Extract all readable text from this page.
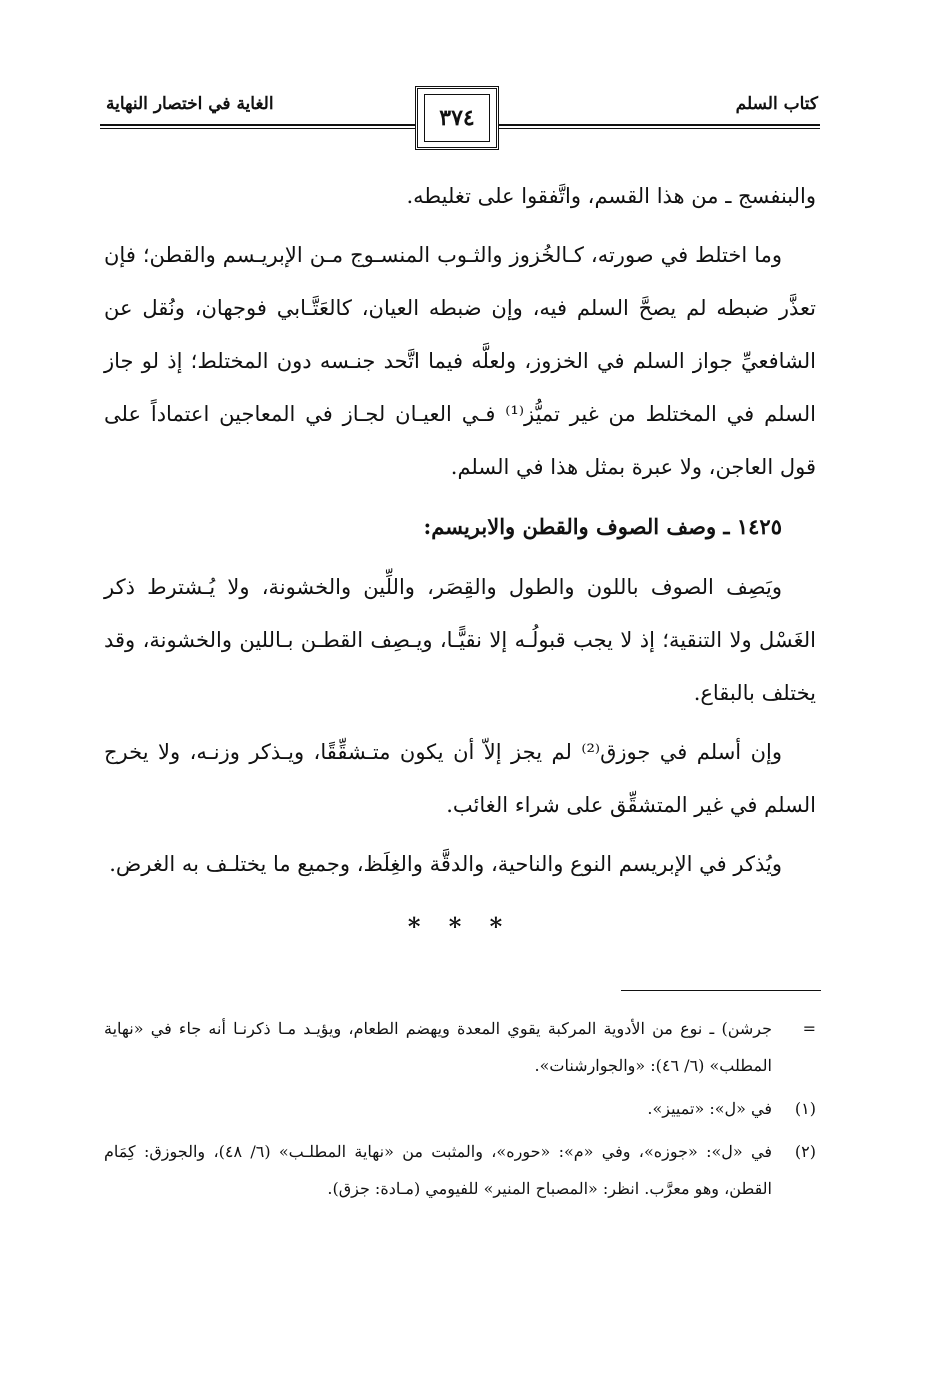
كتاب السلم
الغاية في اختصار النهاية
٣٧٤

والبنفسج ـ من هذا القسم، واتَّفقوا على تغليطه.

وما اختلط في صورته، كـالخُزوز والثـوب المنسـوج مـن الإبريـسم والقطن؛ فإن تعذَّر ضبطه لم يصحَّ السلم فيه، وإن ضبطه العيان، كالعَتَّـابي فوجهان، ونُقل عن الشافعيِّ جواز السلم في الخزوز، ولعلَّه فيما اتَّحد جنـسه دون المختلط؛ إذ لو جاز السلم في المختلط من غير تميُّز⁽¹⁾ فـي العيـان لجـاز في المعاجين اعتماداً على قول العاجن، ولا عبرة بمثل هذا في السلم.

١٤٢٥ ـ وصف الصوف والقطن والابريسم:

ويَصِف الصوف باللون والطول والقِصَر، واللِّين والخشونة، ولا يُـشترط ذكر الغَسْل ولا التنقية؛ إذ لا يجب قبولُـه إلا نقيًّـا، ويـصِف القطـن بـاللين والخشونة، وقد يختلف بالبقاع.

وإن أسلم في جوزق⁽²⁾ لم يجز إلاّ أن يكون متـشقِّقًا، ويـذكر وزنـه، ولا يخرج السلم في غير المتشقِّق على شراء الغائب.

ويُذكر في الإبريسم النوع والناحية، والدقَّة والغِلَظ، وجميع ما يختلـف به الغرض.

* * *
=
جرشن) ـ نوع من الأدوية المركبة يقوي المعدة ويهضم الطعام، ويؤيـد مـا ذكرنـا أنه جاء في «نهاية المطلب» (٦/ ٤٦): «والجوارشنات».
(١)
في «ل»: «تمييز».
(٢)
في «ل»: «جوزه»، وفي «م»: «حوره»، والمثبت من «نهاية المطلـب» (٦/ ٤٨)، والجوزق: كِمَام القطن، وهو معرَّب. انظر: «المصباح المنير» للفيومي (مـادة: جزق).
